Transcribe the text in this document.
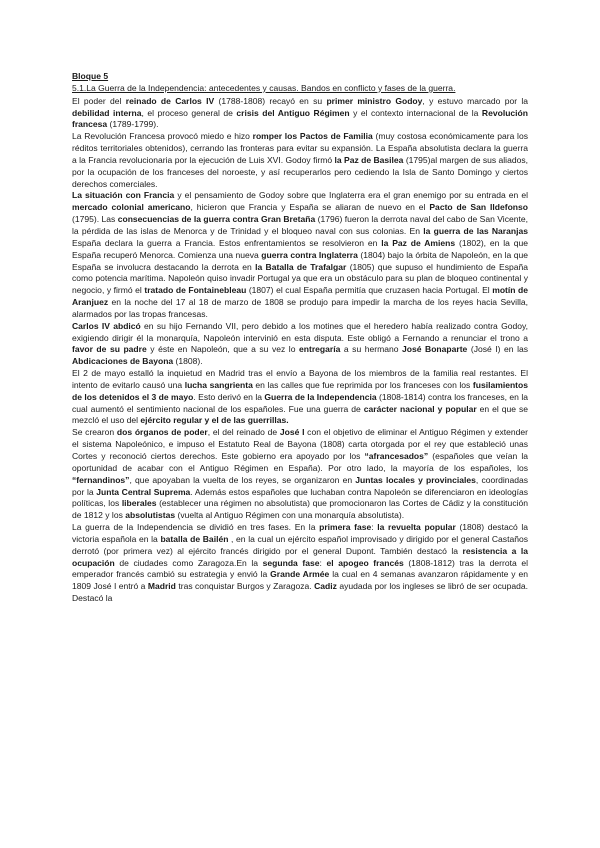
Bloque 5
5.1.La Guerra de la Independencia: antecedentes y causas. Bandos en conflicto y fases de la guerra.

El poder del reinado de Carlos IV (1788-1808) recayó en su primer ministro Godoy, y estuvo marcado por la debilidad interna, el proceso general de crisis del Antiguo Régimen y el contexto internacional de la Revolución francesa (1789-1799).

La Revolución Francesa provocó miedo e hizo romper los Pactos de Familia (muy costosa económicamente para los réditos territoriales obtenidos), cerrando las fronteras para evitar su expansión. La España absolutista declara la guerra a la Francia revolucionaria por la ejecución de Luis XVI. Godoy firmó la Paz de Basilea (1795)al margen de sus aliados, por la ocupación de los franceses del noroeste, y así recuperarlos pero cediendo la Isla de Santo Domingo y ciertos derechos comerciales.

La situación con Francia y el pensamiento de Godoy sobre que Inglaterra era el gran enemigo por su entrada en el mercado colonial americano, hicieron que Francia y España se aliaran de nuevo en el Pacto de San Ildefonso (1795). Las consecuencias de la guerra contra Gran Bretaña (1796) fueron la derrota naval del cabo de San Vicente, la pérdida de las islas de Menorca y de Trinidad y el bloqueo naval con sus colonias. En la guerra de las Naranjas España declara la guerra a Francia. Estos enfrentamientos se resolvieron en la Paz de Amiens (1802), en la que España recuperó Menorca. Comienza una nueva guerra contra Inglaterra (1804) bajo la órbita de Napoleón, en la que España se involucra destacando la derrota en la Batalla de Trafalgar (1805) que supuso el hundimiento de España como potencia marítima. Napoleón quiso invadir Portugal ya que era un obstáculo para su plan de bloqueo continental y negocio, y firmó el tratado de Fontainebleau (1807) el cual España permitía que cruzasen hacia Portugal. El motín de Aranjuez en la noche del 17 al 18 de marzo de 1808 se produjo para impedir la marcha de los reyes hacia Sevilla, alarmados por las tropas francesas.

Carlos IV abdicó en su hijo Fernando VII, pero debido a los motines que el heredero había realizado contra Godoy, exigiendo dirigir él la monarquía, Napoleón intervinió en esta disputa. Este obligó a Fernando a renunciar el trono a favor de su padre y éste en Napoleón, que a su vez lo entregaría a su hermano José Bonaparte (José I) en las Abdicaciones de Bayona (1808).

El 2 de mayo estalló la inquietud en Madrid tras el envío a Bayona de los miembros de la familia real restantes. El intento de evitarlo causó una lucha sangrienta en las calles que fue reprimida por los franceses con los fusilamientos de los detenidos el 3 de mayo. Esto derivó en la Guerra de la Independencia (1808-1814) contra los franceses, en la cual aumentó el sentimiento nacional de los españoles. Fue una guerra de carácter nacional y popular en el que se mezcló el uso del ejército regular y el de las guerrillas.

Se crearon dos órganos de poder, el del reinado de José I con el objetivo de eliminar el Antiguo Régimen y extender el sistema Napoleónico, e impuso el Estatuto Real de Bayona (1808) carta otorgada por el rey que estableció unas Cortes y reconoció ciertos derechos. Este gobierno era apoyado por los “afrancesados” (españoles que veían la oportunidad de acabar con el Antiguo Régimen en España). Por otro lado, la mayoría de los españoles, los “fernandinos”, que apoyaban la vuelta de los reyes, se organizaron en Juntas locales y provinciales, coordinadas por la Junta Central Suprema. Además estos españoles que luchaban contra Napoleón se diferenciaron en ideologías políticas, los liberales (establecer una régimen no absolutista) que promocionaron las Cortes de Cádiz y la constitución de 1812 y los absolutistas (vuelta al Antiguo Régimen con una monarquía absolutista).

La guerra de la Independencia se dividió en tres fases. En la primera fase: la revuelta popular (1808) destacó la victoria española en la batalla de Bailén , en la cual un ejército español improvisado y dirigido por el general Castaños derrotó (por primera vez) al ejército francés dirigido por el general Dupont. También destacó la resistencia a la ocupación de ciudades como Zaragoza.En la segunda fase: el apogeo francés (1808-1812) tras la derrota el emperador francés cambió su estrategia y envió la Grande Armée la cual en 4 semanas avanzaron rápidamente y en 1809 José I entró a Madrid tras conquistar Burgos y Zaragoza. Cadiz ayudada por los ingleses se libró de ser ocupada. Destacó la
